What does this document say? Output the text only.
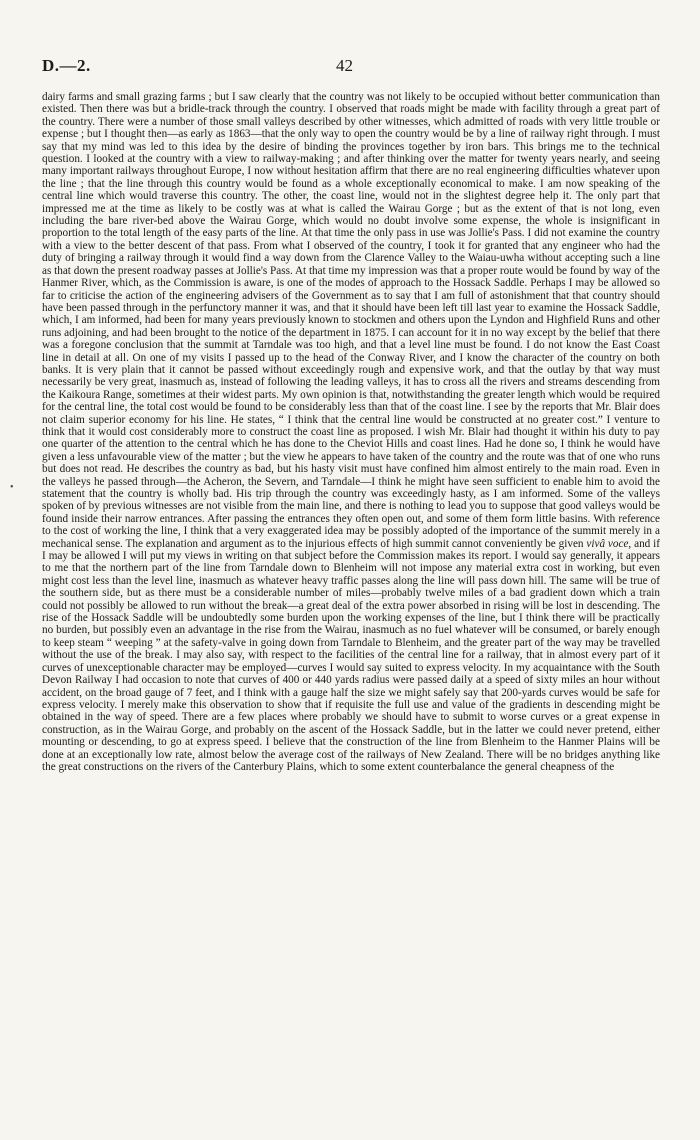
D.—2.	42
•

dairy farms and small grazing farms ; but I saw clearly that the country was not likely to be occupied without better communication than existed. Then there was but a bridle-track through the country. I observed that roads might be made with facility through a great part of the country. There were a number of those small valleys described by other witnesses, which admitted of roads with very little trouble or expense ; but I thought then—as early as 1863—that the only way to open the country would be by a line of railway right through. I must say that my mind was led to this idea by the desire of binding the provinces together by iron bars. This brings me to the technical question. I looked at the country with a view to railway-making ; and after thinking over the matter for twenty years nearly, and seeing many important railways throughout Europe, I now without hesitation affirm that there are no real engineering difficulties whatever upon the line ; that the line through this country would be found as a whole exceptionally economical to make. I am now speaking of the central line which would traverse this country. The other, the coast line, would not in the slightest degree help it. The only part that impressed me at the time as likely to be costly was at what is called the Wairau Gorge ; but as the extent of that is not long, even including the bare river-bed above the Wairau Gorge, which would no doubt involve some expense, the whole is insignificant in proportion to the total length of the easy parts of the line. At that time the only pass in use was Jollie's Pass. I did not examine the country with a view to the better descent of that pass. From what I observed of the country, I took it for granted that any engineer who had the duty of bringing a railway through it would find a way down from the Clarence Valley to the Waiau-uwha without accepting such a line as that down the present roadway passes at Jollie's Pass. At that time my impression was that a proper route would be found by way of the Hanmer River, which, as the Commission is aware, is one of the modes of approach to the Hossack Saddle. Perhaps I may be allowed so far to criticise the action of the engineering advisers of the Government as to say that I am full of astonishment that that country should have been passed through in the perfunctory manner it was, and that it should have been left till last year to examine the Hossack Saddle, which, I am informed, had been for many years previously known to stockmen and others upon the Lyndon and Highfield Runs and other runs adjoining, and had been brought to the notice of the department in 1875. I can account for it in no way except by the belief that there was a foregone conclusion that the summit at Tarndale was too high, and that a level line must be found. I do not know the East Coast line in detail at all. On one of my visits I passed up to the head of the Conway River, and I know the character of the country on both banks. It is very plain that it cannot be passed without exceedingly rough and expensive work, and that the outlay by that way must necessarily be very great, inasmuch as, instead of following the leading valleys, it has to cross all the rivers and streams descending from the Kaikoura Range, sometimes at their widest parts. My own opinion is that, notwithstanding the greater length which would be required for the central line, the total cost would be found to be considerably less than that of the coast line. I see by the reports that Mr. Blair does not claim superior economy for his line. He states, “ I think that the central line would be constructed at no greater cost.” I venture to think that it would cost considerably more to construct the coast line as proposed. I wish Mr. Blair had thought it within his duty to pay one quarter of the attention to the central which he has done to the Cheviot Hills and coast lines. Had he done so, I think he would have given a less unfavourable view of the matter ; but the view he appears to have taken of the country and the route was that of one who runs but does not read. He describes the country as bad, but his hasty visit must have confined him almost entirely to the main road. Even in the valleys he passed through—the Acheron, the Severn, and Tarndale—I think he might have seen sufficient to enable him to avoid the statement that the country is wholly bad. His trip through the country was exceedingly hasty, as I am informed. Some of the valleys spoken of by previous witnesses are not visible from the main line, and there is nothing to lead you to suppose that good valleys would be found inside their narrow entrances. After passing the entrances they often open out, and some of them form little basins. With reference to the cost of working the line, I think that a very exaggerated idea may be possibly adopted of the importance of the summit merely in a mechanical sense. The explanation and argument as to the injurious effects of high summit cannot conveniently be given vivâ voce, and if I may be allowed I will put my views in writing on that subject before the Commission makes its report. I would say generally, it appears to me that the northern part of the line from Tarndale down to Blenheim will not impose any material extra cost in working, but even might cost less than the level line, inasmuch as whatever heavy traffic passes along the line will pass down hill. The same will be true of the southern side, but as there must be a considerable number of miles—probably twelve miles of a bad gradient down which a train could not possibly be allowed to run without the break—a great deal of the extra power absorbed in rising will be lost in descending. The rise of the Hossack Saddle will be undoubtedly some burden upon the working expenses of the line, but I think there will be practically no burden, but possibly even an advantage in the rise from the Wairau, inasmuch as no fuel whatever will be consumed, or barely enough to keep steam “ weeping ” at the safety-valve in going down from Tarndale to Blenheim, and the greater part of the way may be travelled without the use of the break. I may also say, with respect to the facilities of the central line for a railway, that in almost every part of it curves of unexceptionable character may be employed—curves I would say suited to express velocity. In my acquaintance with the South Devon Railway I had occasion to note that curves of 400 or 440 yards radius were passed daily at a speed of sixty miles an hour without accident, on the broad gauge of 7 feet, and I think with a gauge half the size we might safely say that 200-yards curves would be safe for express velocity. I merely make this observation to show that if requisite the full use and value of the gradients in descending might be obtained in the way of speed. There are a few places where probably we should have to submit to worse curves or a great expense in construction, as in the Wairau Gorge, and probably on the ascent of the Hossack Saddle, but in the latter we could never pretend, either mounting or descending, to go at express speed. I believe that the construction of the line from Blenheim to the Hanmer Plains will be done at an exceptionally low rate, almost below the average cost of the railways of New Zealand. There will be no bridges anything like the great constructions on the rivers of the Canterbury Plains, which to some extent counterbalance the general cheapness of the
